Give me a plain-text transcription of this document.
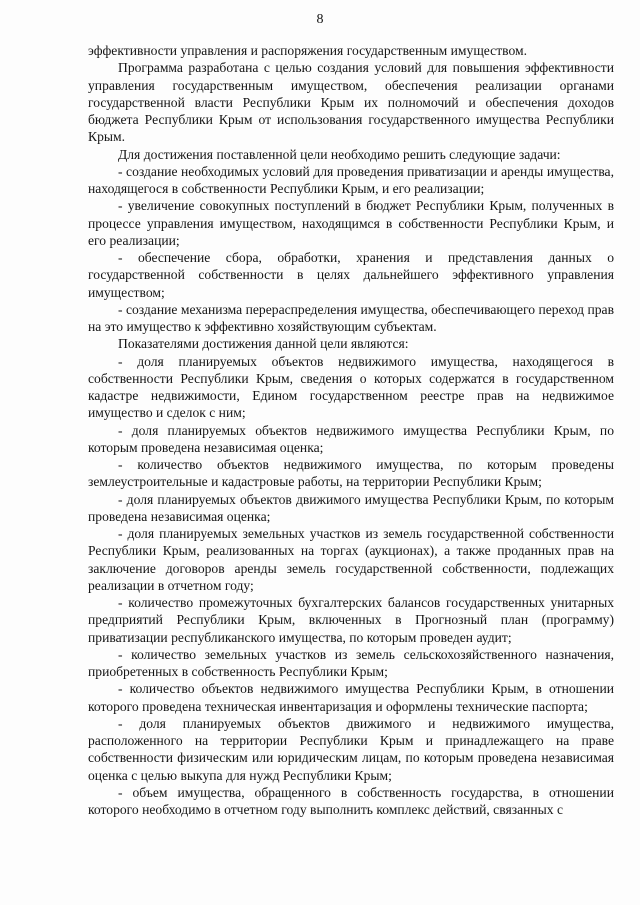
8

эффективности управления и распоряжения государственным имуществом.

Программа разработана с целью создания условий для повышения эффективности управления государственным имуществом, обеспечения реализации органами государственной власти Республики Крым их полномочий и обеспечения доходов бюджета Республики Крым от использования государственного имущества Республики Крым.

Для достижения поставленной цели необходимо решить следующие задачи:

- создание необходимых условий для проведения приватизации и аренды имущества, находящегося в собственности Республики Крым, и его реализации;

- увеличение совокупных поступлений в бюджет Республики Крым, полученных в процессе управления имуществом, находящимся в собственности Республики Крым, и его реализации;

- обеспечение сбора, обработки, хранения и представления данных о государственной собственности в целях дальнейшего эффективного управления имуществом;

- создание механизма перераспределения имущества, обеспечивающего переход прав на это имущество к эффективно хозяйствующим субъектам.

Показателями достижения данной цели являются:

- доля планируемых объектов недвижимого имущества, находящегося в собственности Республики Крым, сведения о которых содержатся в государственном кадастре недвижимости, Едином государственном реестре прав на недвижимое имущество и сделок с ним;

- доля планируемых объектов недвижимого имущества Республики Крым, по которым проведена независимая оценка;

- количество объектов недвижимого имущества, по которым проведены землеустроительные и кадастровые работы, на территории Республики Крым;

- доля планируемых объектов движимого имущества Республики Крым, по которым проведена независимая оценка;

- доля планируемых земельных участков из земель государственной собственности Республики Крым, реализованных на торгах (аукционах), а также проданных прав на заключение договоров аренды земель государственной собственности, подлежащих реализации в отчетном году;

- количество промежуточных бухгалтерских балансов государственных унитарных предприятий Республики Крым, включенных в Прогнозный план (программу) приватизации республиканского имущества, по которым проведен аудит;

- количество земельных участков из земель сельскохозяйственного назначения, приобретенных в собственность Республики Крым;

- количество объектов недвижимого имущества Республики Крым, в отношении которого проведена техническая инвентаризация и оформлены технические паспорта;

- доля планируемых объектов движимого и недвижимого имущества, расположенного на территории Республики Крым и принадлежащего на праве собственности физическим или юридическим лицам, по которым проведена независимая оценка с целью выкупа для нужд Республики Крым;

- объем имущества, обращенного в собственность государства, в отношении которого необходимо в отчетном году выполнить комплекс действий, связанных с
